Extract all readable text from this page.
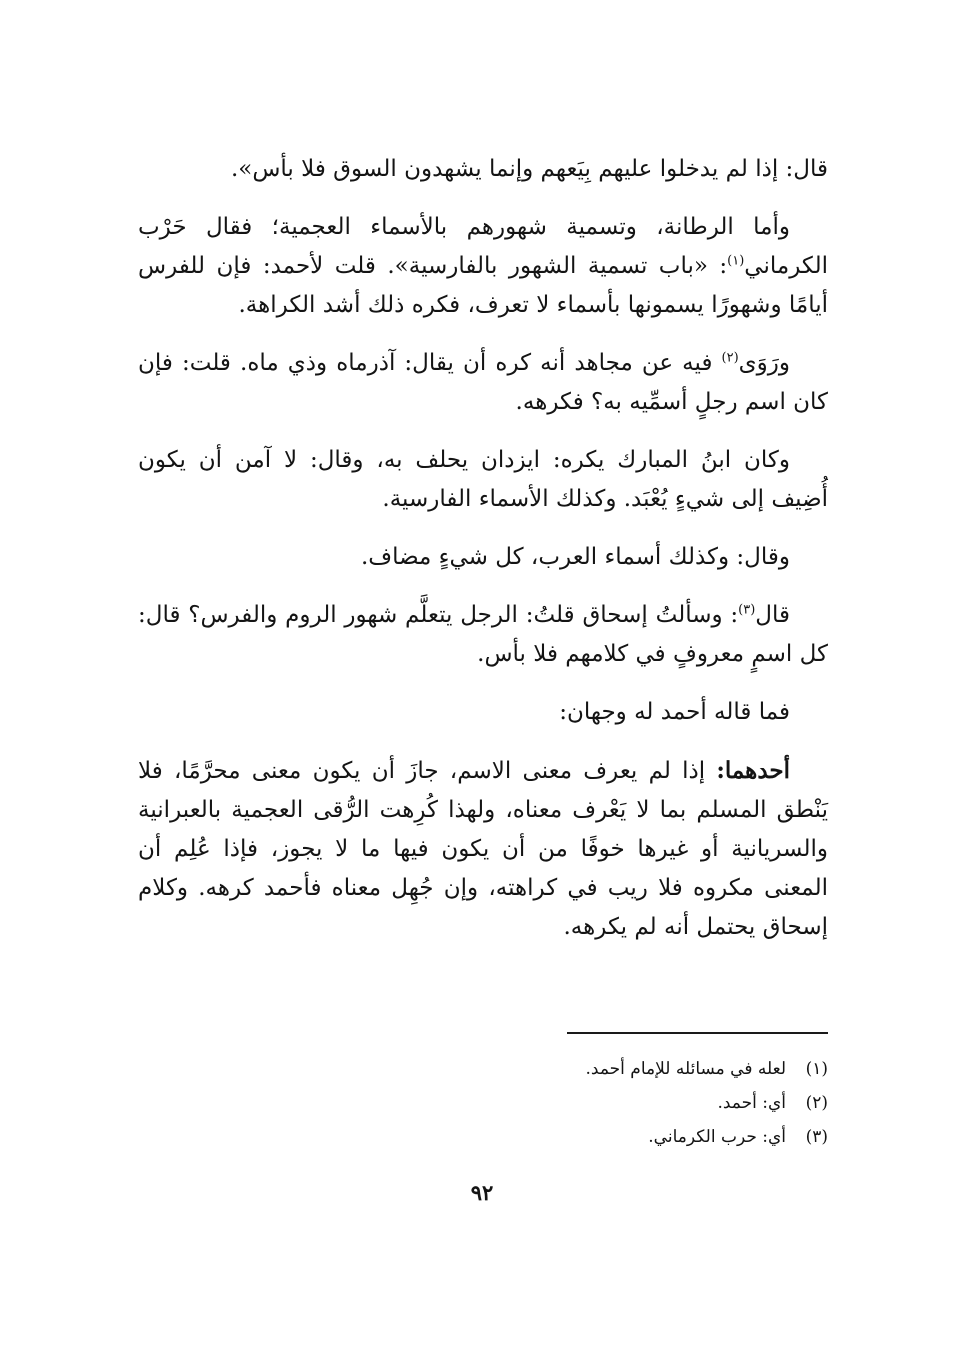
قال: إذا لم يدخلوا عليهم بِيَعهم وإنما يشهدون السوق فلا بأس».

وأما الرطانة، وتسمية شهورهم بالأسماء العجمية؛ فقال حَرْب الكرماني$^{(١)}$: «باب تسمية الشهور بالفارسية». قلت لأحمد: فإن للفرس أيامًا وشهورًا يسمونها بأسماء لا تعرف، فكره ذلك أشد الكراهة.

ورَوَى$^{(٢)}$ فيه عن مجاهد أنه كره أن يقال: آذرماه وذي ماه. قلت: فإن كان اسم رجلٍ أسمِّيه به؟ فكرهه.

وكان ابنُ المبارك يكره: ايزدان يحلف به، وقال: لا آمن أن يكون أُضِيف إلى شيءٍ يُعْبَد. وكذلك الأسماء الفارسية.

وقال: وكذلك أسماء العرب، كل شيءٍ مضاف.

قال$^{(٣)}$: وسألتُ إسحاق قلتُ: الرجل يتعلَّم شهور الروم والفرس؟ قال: كل اسمٍ معروفٍ في كلامهم فلا بأس.

فما قاله أحمد له وجهان:

أحدهما: إذا لم يعرف معنى الاسم، جازَ أن يكون معنى محرَّمًا، فلا يَنْطق المسلم بما لا يَعْرف معناه، ولهذا كُرِهت الرُّقى العجمية بالعبرانية والسريانية أو غيرها خوفًا من أن يكون فيها ما لا يجوز، فإذا عُلِم أن المعنى مكروه فلا ريب في كراهته، وإن جُهِل معناه فأحمد كرهه. وكلام إسحاق يحتمل أنه لم يكرهه.

(١)
لعله في مسائله للإمام أحمد.
(٢)
أي: أحمد.
(٣)
أي: حرب الكرماني.
٩٢
